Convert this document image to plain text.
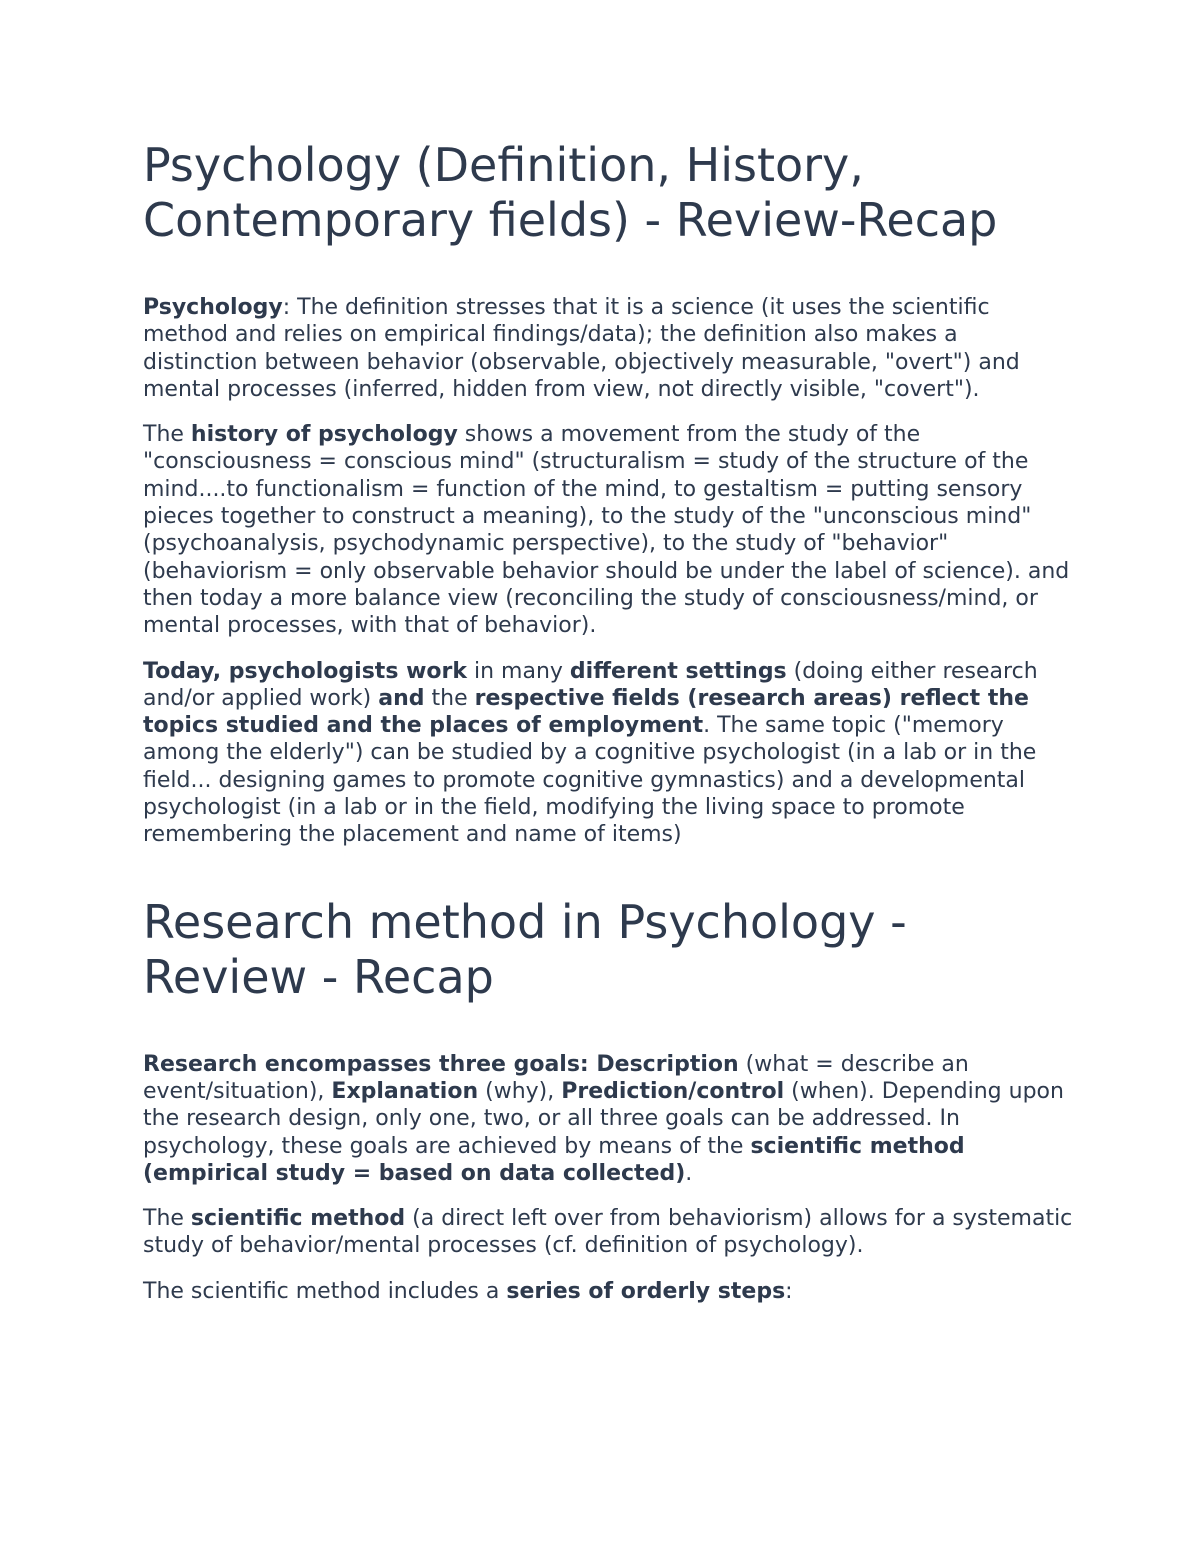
Psychology (Definition, History, Contemporary fields) - Review-Recap

Psychology: The definition stresses that it is a science (it uses the scientific method and relies on empirical findings/data); the definition also makes a distinction between behavior (observable, objectively measurable, "overt") and mental processes (inferred, hidden from view, not directly visible, "covert").

The history of psychology shows a movement from the study of the "consciousness = conscious mind" (structuralism = study of the structure of the mind....to functionalism = function of the mind, to gestaltism = putting sensory pieces together to construct a meaning), to the study of the "unconscious mind" (psychoanalysis, psychodynamic perspective), to the study of "behavior" (behaviorism = only observable behavior should be under the label of science). and then today a more balance view (reconciling the study of consciousness/mind, or mental processes, with that of behavior).

Today, psychologists work in many different settings (doing either research and/or applied work) and the respective fields (research areas) reflect the topics studied and the places of employment. The same topic ("memory among the elderly") can be studied by a cognitive psychologist (in a lab or in the field... designing games to promote cognitive gymnastics) and a developmental psychologist (in a lab or in the field, modifying the living space to promote remembering the placement and name of items)

Research method in Psychology - Review - Recap

Research encompasses three goals: Description (what = describe an event/situation), Explanation (why), Prediction/control (when). Depending upon the research design, only one, two, or all three goals can be addressed. In psychology, these goals are achieved by means of the scientific method (empirical study = based on data collected).

The scientific method (a direct left over from behaviorism) allows for a systematic study of behavior/mental processes (cf. definition of psychology).

The scientific method includes a series of orderly steps:
